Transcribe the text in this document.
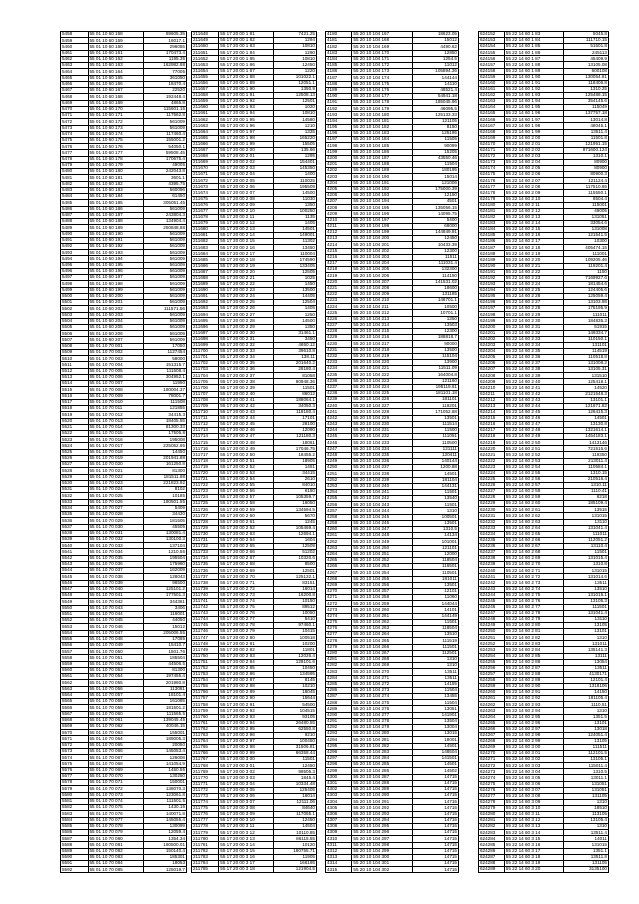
5458	55 01 10 60 158	69605.35
5459	55 01 10 60 159	16017.1
5460	55 01 10 60 160	296055
5461	55 01 10 60 161	170473.4
5462	55 01 10 60 162	1195.35
5463	55 01 10 60 163	162982.88
5464	55 01 10 60 164	77005
5465	55 01 10 60 165	361050
5466	55 01 10 60 166	18470.4
5467	55 01 10 60 167	22520
5468	55 01 10 60 168	192448.4
5469	55 01 10 60 169	4865.8
5470	55 01 10 60 170	115601.15
5471	55 01 10 60 171	117562.8
5472	55 01 10 60 172	561009
5473	55 01 10 60 173	561009
5474	55 01 10 60 174	117460.4
5475	55 01 10 60 175	155001.2
5476	55 01 10 60 176	54050.1
5477	55 01 10 60 177	59508.45
5478	55 01 10 60 178	170675.4
5479	55 01 10 60 179	49005
5480	55 01 10 60 180	242043.8
5481	55 01 10 60 181	3601.1
5482	55 01 10 60 182	4395.75
5483	55 01 10 60 183	560096
5484	55 01 10 60 184	61450
5485	55 01 10 60 185	305051.45
5486	55 01 10 60 186	561009
5487	55 01 10 60 187	243804.3
5488	55 01 10 60 188	134904.4
5489	55 01 10 60 189	250848.88
5490	55 01 10 60 190	561009
5491	55 01 10 60 191	561009
5492	55 01 10 60 192	561009
5493	55 01 10 60 193	561009
5494	55 01 10 60 194	561009
5495	55 01 10 60 195	561009
5496	55 01 10 60 196	561009
5497	55 01 10 60 197	561009
5498	55 01 10 60 198	561009
5499	55 01 10 60 199	561009
5500	55 01 10 60 200	561009
5501	55 01 10 60 201	561009
5502	55 01 10 60 202	111571.56
5503	55 01 10 60 203	561009
5504	55 01 10 60 204	561009
5505	55 01 10 60 205	561009
5506	55 01 10 60 206	561009
5507	55 01 10 60 207	561009
5508	55 01 10 70 001	17050
5509	55 01 10 70 002	1127454
5510	55 01 10 70 003	58000
5511	55 01 10 70 004	151315.7
5512	55 01 10 70 005	111508.4
5513	55 01 10 70 006	304952.1
5514	55 01 10 70 007	11990
5515	55 01 10 70 008	180004.37
5516	55 01 10 70 009	78001.7
5517	55 01 10 70 010	111508
5518	55 01 10 70 011	121855
5519	55 01 10 70 012	34415.3
5520	55 01 10 70 013	18405.55
5521	55 01 10 70 014	81300.33
5522	55 01 10 70 015	17505.8
5523	55 01 10 70 016	195008
5524	55 01 10 70 017	225052.65
5525	55 01 10 70 018	14450
5526	55 01 10 70 019	201941.88
5527	55 01 10 70 020	161250.8
5528	55 01 10 70 021	81300
5529	55 01 10 70 022	181511.88
5530	55 01 10 70 023	221823.92
5531	55 01 10 70 024	8102
5532	55 01 10 70 025	10185
5533	55 01 10 70 026	180501.55
5534	55 01 10 70 027	5409
5535	55 01 10 70 028	34430
5536	55 01 10 70 029	181505
5537	55 01 10 70 030	45505
5538	55 01 10 70 031	130081.4
5539	55 01 10 70 032	130100.3
5540	55 01 10 70 033	137104
5541	55 01 10 70 034	1210.55
5542	55 01 10 70 035	195504
5543	55 01 10 70 036	175960
5544	55 01 10 70 037	162009
5545	55 01 10 70 038	128043
5546	55 01 10 70 039	96500
5547	55 01 10 70 040	125101.2
5548	55 01 10 70 041	177501.3
5549	55 01 10 70 042	344361
5550	55 01 10 70 043	3406
5551	55 01 10 70 044	116001
5552	55 01 10 70 045	44050
5553	55 01 10 70 046	15012
5554	55 01 10 70 047	205006.55
5555	55 01 10 70 048	17085
5556	55 01 10 70 049	15410.7
5557	55 01 10 70 050	1501.76
5558	55 01 10 70 051	185504
5559	55 01 10 70 052	44506.5
5560	55 01 10 70 053	81300
5561	55 01 10 70 054	197455.4
5562	55 01 10 70 055	201960.8
5563	55 01 10 70 056	113081
5564	55 01 10 70 057	18101.4
5565	55 01 10 70 058	161085
5566	55 01 10 70 059	181501.2
5567	55 01 10 70 060	111565.5
5568	55 01 10 70 061	139045.45
5569	55 01 10 70 062	40046.15
5570	55 01 10 70 063	155001
5571	55 01 10 70 064	189005.3
5572	55 01 10 70 065	20050
5573	55 01 10 70 066	145053.4
5574	55 01 10 70 067	126008
5575	55 01 10 70 068	141054.9
5576	55 01 10 70 069	1450.55
5577	55 01 10 70 070	130250
5578	55 01 10 70 071	150001
5579	55 01 10 70 072	138070.3
5580	55 01 10 70 073	123061.8
5581	55 01 10 70 074	111501.5
5582	55 01 10 70 075	1430.15
5583	55 01 10 70 076	140071.8
5584	55 01 10 70 077	145055.4
5585	55 01 10 70 078	130099
5586	55 01 10 70 079	12059.4
5587	55 01 10 70 080	1354.34
5588	55 01 10 70 081	160500.01
5589	55 01 10 70 082	150140.4
5590	55 01 10 70 083	185301
5591	55 01 10 70 084	18053
5592	55 01 10 70 085	125019.7
211648	55 17 20 00 1 81	7421.25
211649	55 17 20 00 1 82	1294
211650	55 17 20 00 1 83	10810
211651	55 17 20 00 1 84	1290
211652	55 17 20 00 1 85	10810
211653	55 17 20 00 1 86	12450
211654	55 17 20 00 1 87	1220
211655	55 17 20 00 1 88	101022.1
211656	55 17 20 00 1 89	12051.1
211657	55 17 20 00 1 90	1350.9
211658	55 17 20 00 1 91	12508.13
211659	55 17 20 00 1 92	12501
211660	55 17 20 00 1 93	1020
211661	55 17 20 00 1 94	10810
211662	55 17 20 00 1 95	14580
211663	55 17 20 00 1 96	1210
211664	55 17 20 00 1 97	1335
211665	55 17 20 00 1 98	165220
211666	55 17 20 00 1 99	15505
211667	55 17 20 00 2 00	135.66
211668	55 17 20 00 2 01	1295
211669	55 17 20 00 2 02	154401
211670	55 17 20 00 2 03	145350
211671	55 17 20 00 2 04	1400
211672	55 17 20 00 2 05	110025
211673	55 17 20 00 2 06	195509
211674	55 17 20 00 2 07	14500
211675	55 17 20 00 2 08	11030
211676	55 17 20 00 2 09	1350
211677	55 17 20 00 2 10	100250
211678	55 17 20 00 2 11	1135
211679	55 17 20 00 2 12	1405
211680	55 17 20 00 2 13	14501
211681	55 17 20 00 2 14	149001
211682	55 17 20 00 2 15	11302
211683	55 17 20 00 2 16	13450
211684	55 17 20 00 2 17	110004
211685	55 17 20 00 2 18	174590
211686	55 17 20 00 2 19	133405
211687	55 17 20 00 2 20	12505
211688	55 17 20 00 2 21	1025
211689	55 17 20 00 2 22	1450
211690	55 17 20 00 2 23	13500
211691	55 17 20 00 2 24	14405
211692	55 17 20 00 2 25	12504
211693	55 17 20 00 2 26	1405
211694	55 17 20 00 2 27	1250
211695	55 17 20 00 2 28	14500
211696	55 17 20 00 2 29	1350
211697	55 17 20 00 2 30	31461.1
211698	55 17 20 00 2 31	3450
211699	55 17 20 00 2 32	4650.12
211700	55 17 20 00 2 33	39610.8
211701	55 17 20 00 2 34	138.11
211702	55 17 20 00 2 35	201640.2
211703	55 17 20 00 2 36	28180.4
211704	55 17 20 00 2 37	81058
211705	55 17 20 00 2 38	80948.36
211706	55 17 20 00 2 39	11501
211707	55 17 20 00 2 40	86012
211708	55 17 20 00 2 41	188064.1
211709	55 17 20 00 2 42	34050.3
211710	55 17 20 00 2 43	118180.4
211711	55 17 20 00 2 44	17101
211712	55 17 20 00 2 45	28100
211713	55 17 20 00 2 46	12090
211714	55 17 20 00 2 47	121180.3
211715	55 17 20 00 2 48	18061
211716	55 17 20 00 2 49	17046.75
211717	55 17 20 00 2 50	18455.2
211718	55 17 20 00 2 51	18905
211719	55 17 20 00 2 52	1451
211720	55 17 20 00 2 53	34415
211721	55 17 20 00 2 54	2610
211722	55 17 20 00 2 55	84010
211723	55 17 20 00 2 56	6150
211724	55 17 20 00 2 57	105359.7
211725	55 17 20 00 2 58	16050
211726	55 17 20 00 2 59	134594.5
211727	55 17 20 00 2 60	5670
211728	55 17 20 00 2 61	1245
211729	55 17 20 00 2 62	105469.4
211730	55 17 20 00 2 63	12694.1
211731	55 17 20 00 2 64	1604
211732	55 17 20 00 2 65	12509
211733	55 17 20 00 2 66	51202
211734	55 17 20 00 2 67	10320.6
211735	55 17 20 00 2 68	8500
211736	55 17 20 00 2 69	12501
211737	55 17 20 00 2 70	125132.1
211738	55 17 20 00 2 71	83151
211739	55 17 20 00 2 72	16014
211740	55 17 20 00 2 73	16200.8
211741	55 17 20 00 2 74	10150
211742	55 17 20 00 2 75	89512
211743	55 17 20 00 2 76	10050
211744	55 17 20 00 2 77	5410
211745	55 17 20 00 2 78	97460.1
211746	55 17 20 00 2 79	10415
211747	55 17 20 00 2 80	100518
211748	55 17 20 00 2 81	10200
211749	55 17 20 00 2 82	11801
211750	55 17 20 00 2 83	12026.4
211751	55 17 20 00 2 84	128101.6
211752	55 17 20 00 2 85	10450
211753	55 17 20 00 2 86	134595
211754	55 17 20 00 2 87	8145
211755	55 17 20 00 2 88	10210
211756	55 17 20 00 2 89	18045
211757	55 17 20 00 2 90	15644
211758	55 17 20 00 2 91	54500
211759	55 17 20 00 2 92	104515
211760	55 17 20 00 2 93	93105
211761	55 17 20 00 2 94	26480.55
211762	55 17 20 00 2 95	62550.8
211763	55 17 20 00 2 96	9210
211764	55 17 20 00 2 97	100450
211765	55 17 20 00 2 98	31506.81
211766	55 17 20 00 2 99	66358.44
211767	55 17 20 00 3 00	11501
211768	55 17 20 00 3 01	12450
211769	55 17 20 00 3 02	99505.3
211770	55 17 20 00 3 03	1845.4
211771	55 17 20 00 3 04	10334.48
211772	55 17 20 00 3 05	125405
211773	55 17 20 00 3 06	16014
211774	55 17 20 00 3 07	12111.06
211775	55 17 20 00 3 08	84640
211776	55 17 20 00 3 09	117055.1
211777	55 17 20 00 3 10	12450
211778	55 17 20 00 3 11	14504
211779	55 17 20 00 3 12	10110.85
211780	55 17 20 00 3 13	86115.55
211781	55 17 20 00 3 14	10120
211782	55 17 20 00 3 15	180755.71
211783	55 17 20 00 3 16	11905
211784	55 17 20 00 3 17	166195
211785	55 17 20 00 3 18	121904.5
4180	55 20 10 104 167	18623.05
4181	55 20 10 104 168	15012
4182	55 20 10 104 169	4490.62
4183	55 20 10 104 170	12850
4184	55 20 10 104 171	1254.5
4185	55 20 10 104 172	11012
4186	55 20 10 104 173	105894.36
4187	55 20 10 104 174	144144
4188	55 20 10 104 175	14110
4189	55 20 10 104 176	48521.4
4190	55 20 10 104 177	54941.18
4191	55 20 10 104 178	185045.96
4192	55 20 10 104 179	46095.5
4193	55 20 10 104 180	125133.33
4194	55 20 10 104 181	121105
4195	55 20 10 104 182	8150
4196	55 20 10 104 183	125195
4197	55 20 10 104 184	11505
4198	55 20 10 104 185	90099
4199	55 20 10 104 186	15205
4200	55 20 10 104 187	43550.46
4201	55 20 10 104 188	11504
4202	55 20 10 104 189	180195
4203	55 20 10 104 190	15014
4204	55 20 10 104 191	121006
4205	55 20 10 104 192	175000.39
4206	55 20 10 104 193	12150
4207	55 20 10 104 194	4501
4208	55 20 10 104 195	135056.15
4209	55 20 10 104 196	14095.75
4210	55 20 10 104 197	5400
4211	55 20 10 104 198	68000
4212	55 20 10 104 199	144849.91
4213	55 20 10 104 200	12450
4214	55 20 10 104 201	10433.39
4215	55 20 10 104 202	12300
4216	55 20 10 104 203	11511
4217	55 20 10 104 204	111031.4
4218	55 20 10 104 205	132300
4219	55 20 10 104 206	114150
4220	55 20 10 104 207	141531.02
4221	55 20 10 104 208	18600
4222	55 20 10 104 209	131185
4223	55 20 10 104 210	148701.1
4224	55 20 10 104 211	10500
4225	55 20 10 104 212	10701.1
4226	55 20 10 104 213	1350
4227	55 20 10 104 214	13503
4228	55 20 10 104 215	12300
4229	55 20 10 104 216	188818.7
4230	55 20 10 104 217	90000
4231	55 20 10 104 218	13500
4232	55 20 10 104 219	115104
4233	55 20 10 104 220	13900
4234	55 20 10 104 221	11511.09
4235	55 20 10 104 222	164004.8
4236	55 20 10 104 223	121160
4237	55 20 10 104 224	195119.61
4238	55 20 10 104 225	181101.18
4239	55 20 10 104 226	181101
4240	55 20 10 104 227	119201
4241	55 20 10 104 228	171052.88
4242	55 20 10 104 229	13501
4243	55 20 10 104 230	111514
4244	55 20 10 104 231	11500
4245	55 20 10 104 232	111051
4246	55 20 10 104 233	110500
4247	55 20 10 104 234	121111
4248	55 20 10 104 235	120411
4249	55 20 10 104 236	140144
4250	55 20 10 104 237	1200.88
4251	55 20 10 104 238	14501
4252	55 20 10 104 239	181104
4253	55 20 10 104 240	144131
4254	55 20 10 104 241	11501
4255	55 20 10 104 242	13540
4256	55 20 10 104 243	11501
4257	55 20 10 104 244	1310
4258	55 20 10 104 245	100501
4259	55 20 10 104 246	13501
4260	55 20 10 104 247	1310.5
4261	55 20 10 104 248	14134
4262	55 20 10 104 249	101001
4263	55 20 10 104 250	121101
4264	55 20 10 104 251	12000
4265	55 20 10 104 252	118504
4266	55 20 10 104 253	116501
4267	55 20 10 104 254	110501
4268	55 20 10 104 255	181011
4269	55 20 10 104 256	13501
4270	55 20 10 104 257	12101
4271	55 20 10 104 258	11060
4272	55 20 10 104 259	144044
4273	55 20 10 104 260	14101
4274	55 20 10 104 261	144149
4275	55 20 10 104 262	11501
4276	55 20 10 104 263	118504
4277	55 20 10 104 264	13510
4278	55 20 10 104 265	111519
4279	55 20 10 104 266	111501
4280	55 20 10 104 267	112501
4281	55 20 10 104 268	1310
4282	55 20 10 104 269	1310
4283	55 20 10 104 270	13511
4284	55 20 10 104 271	13511
4285	55 20 10 104 272	14155
4286	55 20 10 104 273	11504
4287	55 20 10 104 274	13455
4288	55 20 10 104 275	11504
4289	55 20 10 104 276	13051
4290	55 20 10 104 277	141901
4291	55 20 10 104 278	13504
4292	55 20 10 104 279	13004
4293	55 20 10 104 280	13015
4294	55 20 10 104 281	18001
4295	55 20 10 104 282	14501
4296	55 20 10 104 283	148504
4297	55 20 10 104 284	141501
4298	55 20 10 104 285	14501
4299	55 20 10 104 286	14502
4300	55 20 10 104 287	14715
4301	55 20 10 104 288	14715
4302	55 20 10 104 289	14715
4303	55 20 10 104 290	14715
4304	55 20 10 104 291	14715
4305	55 20 10 104 292	14715
4306	55 20 10 104 293	14715
4307	55 20 10 104 294	14715
4308	55 20 10 104 295	14715
4309	55 20 10 104 296	14715
4310	55 20 10 104 297	14715
4311	55 20 10 104 298	14715
4312	55 20 10 104 299	14715
4313	55 20 10 104 300	14715
4314	55 20 10 104 301	14715
4315	55 20 10 104 302	14715
624152	55 22 14 60 1 83	5045.8
624153	55 22 14 60 1 84	111710.15
624154	55 22 14 60 1 85	51501.8
624155	55 22 14 60 1 86	245113
624156	55 22 14 60 1 87	45409.9
624157	55 22 14 60 1 88	13105.08
624158	55 22 14 60 1 89	600108
624159	55 22 14 60 1 90	130054.61
624160	55 22 14 60 1 91	118406.8
624161	55 22 14 60 1 92	1310.25
624162	55 22 14 60 1 93	125488.15
624163	55 22 14 60 1 94	354145.6
624164	55 22 14 60 1 95	115049
624165	55 22 14 60 1 96	137757.18
624166	55 22 14 60 1 97	13014.8
624167	55 22 14 60 1 98	48045.1
624168	55 22 14 60 1 99	13511.4
624169	55 22 14 60 2 00	11501.8
624170	55 22 14 60 2 01	121951.15
624171	55 22 14 60 2 02	971600.124
624172	55 22 14 60 2 03	1310.1
624173	55 22 14 60 2 04	80900
624174	55 22 14 60 2 05	80900
624175	55 22 14 60 2 06	80900.3
624176	55 22 14 60 2 07	121124.4
624177	55 22 14 60 2 08	117510.65
624178	55 22 14 60 2 09	115550.1
624179	55 22 14 60 2 10	8504.4
624180	55 22 14 60 2 11	115001
624181	55 22 14 60 2 12	49005
624182	55 22 14 60 2 13	131051
624183	55 22 14 60 2 14	33054.6
624184	55 22 14 60 2 15	131008
624185	55 22 14 60 2 16	121541.5
624186	55 22 14 60 2 17	10300
624187	55 22 14 60 2 18	405474.15
624188	55 22 14 60 2 19	111001
624189	55 22 14 60 2 20	109205.46
624190	55 22 14 60 2 21	119201.4
624191	55 22 14 60 2 22	1150
624192	55 22 14 60 2 23	7169927.6
624193	55 22 14 60 2 24	181454.6
624194	55 22 14 60 2 25	124405.6
624195	55 22 14 60 2 26	125059.4
624196	55 22 14 60 2 27	13103.98
624197	55 22 14 60 2 28	175195.9
624198	55 22 14 60 2 29	111011
624199	55 22 14 60 2 30	184835.3
624200	55 22 14 60 2 31	51915
624201	55 22 14 60 2 32	149334.7
624202	55 22 14 60 2 33	110150.1
624203	55 22 14 60 2 34	131101
624204	55 22 14 60 2 35	114519
624205	55 22 14 60 2 36	110518.8
624206	55 22 14 60 2 37	131008.2
624207	55 22 14 60 2 38	13105.31
624208	55 22 14 60 2 39	131510
624209	55 22 14 60 2 40	125418.1
624210	55 22 14 60 2 41	14520
624211	55 22 14 60 2 42	2121548.3
624212	55 22 14 60 2 43	13101.1
624213	55 22 14 60 2 44	121671.82
624214	55 22 14 60 2 45	126415.3
624215	55 22 14 60 2 46	14501
624216	55 22 14 60 2 47	13130.8
624217	55 22 14 60 2 48	1321614.1
624218	55 22 14 60 2 49	1454183.1
624219	55 22 14 60 2 50	1413146
624220	55 22 14 60 2 51	721515.6
624221	55 22 14 60 2 52	119350
624222	55 22 14 60 2 53	213011.4
624223	55 22 14 60 2 54	110584.1
624224	55 22 14 60 2 55	1310.15
624225	55 22 14 60 2 56	210516.4
624226	55 22 14 60 2 57	1310.11
624227	55 22 14 60 2 58	1110.41
624228	55 22 14 60 2 59	6218
624229	55 22 14 60 2 60	185109.4
624230	55 22 14 60 2 61	13515
624231	55 22 14 60 2 62	131015
624232	55 22 14 60 2 63	13110
624233	55 22 14 60 2 64	131041.4
624234	55 22 14 60 2 65	111011
624235	55 22 14 60 2 66	112051.2
624236	55 22 14 60 2 67	13110.4
624237	55 22 14 60 2 68	11501
624238	55 22 14 60 2 69	131015.4
624239	55 22 14 60 2 70	1310.8
624240	55 22 14 60 2 71	131015
624241	55 22 14 60 2 72	131014.6
624242	55 22 14 60 2 73	13511
624243	55 22 14 60 2 74	13510
624244	55 22 14 60 2 75	131015.1
624245	55 22 14 60 2 76	13105.3
624246	55 22 14 60 2 77	111501
624247	55 22 14 60 2 78	131041.4
624248	55 22 14 60 2 79	13110
624249	55 22 14 60 2 80	13105
624250	55 22 14 60 2 81	13101
624251	55 22 14 60 2 82	1310
624252	55 22 14 60 2 83	131011
624253	55 22 14 60 2 84	135141.3
624254	55 22 14 60 2 85	13111
624255	55 22 14 60 2 86	13054
624256	55 22 14 60 2 87	13511
624257	55 22 14 60 2 88	4130171
624258	55 22 14 60 2 89	12101.4
624259	55 22 14 60 2 90	1318106
624260	55 22 14 60 2 91	14150
624261	55 22 14 60 2 92	181105.4
624262	55 22 14 60 2 93	1110.51
624263	55 22 14 60 2 94	1310
624264	55 22 14 60 2 95	1351.5
624265	55 22 14 60 2 96	13101
624266	55 22 14 60 2 97	13018
624267	55 22 14 60 2 98	124051.4
624268	55 22 14 60 2 99	13105
624269	55 22 14 60 3 00	111511
624270	55 22 14 60 3 01	112101.5
624271	55 22 14 60 3 02	13105.1
624272	55 22 14 60 3 03	115011.4
624273	55 22 14 60 3 04	1310.5
624274	55 22 14 60 3 05	13011.1
624275	55 22 14 60 3 06	131051
624276	55 22 14 60 3 07	131051
624277	55 22 14 60 3 08	131105
624278	55 22 14 60 3 09	1310
624279	55 22 14 60 3 10	18510
624280	55 22 14 60 3 11	113105
624281	55 22 14 60 3 12	13105.4
624282	55 22 14 60 3 13	1310
624283	55 22 14 60 3 14	13511.4
624284	55 22 14 60 3 15	14011
624285	55 22 14 60 3 16	131015
624286	55 22 14 60 3 17	1351.1
624287	55 22 14 60 3 18	13511.8
624288	55 22 14 60 3 19	131105
624289	55 22 14 60 3 20	3135100
